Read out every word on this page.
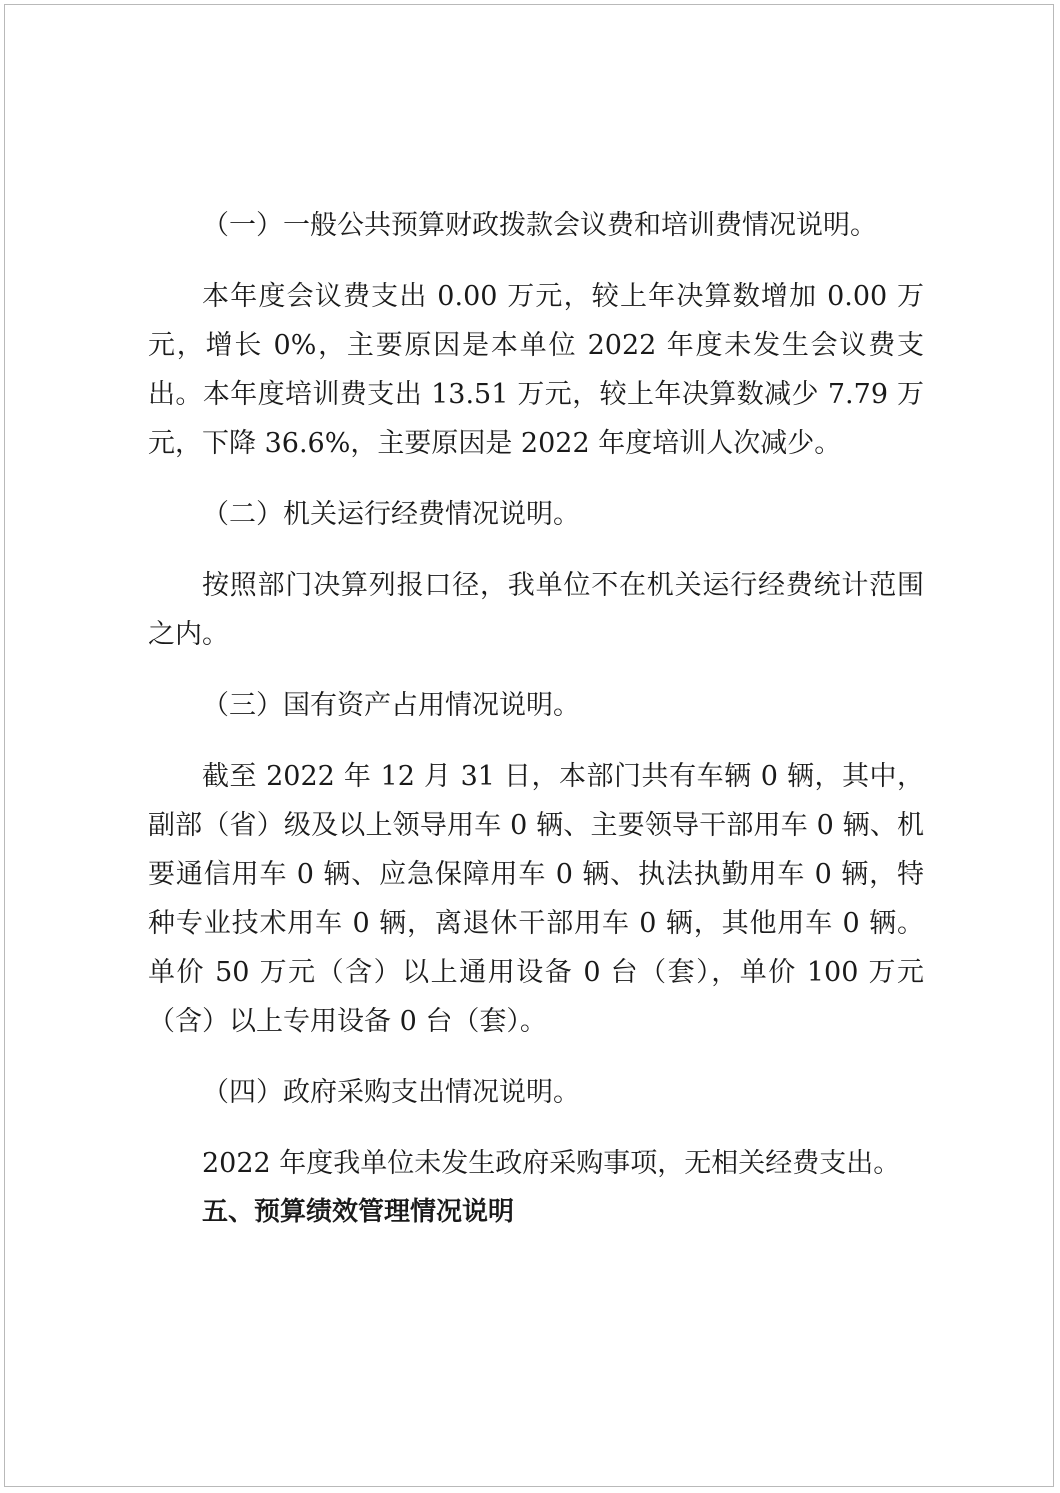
（一）一般公共预算财政拨款会议费和培训费情况说明。

本年度会议费支出 0.00 万元，较上年决算数增加 0.00 万元，增长 0%，主要原因是本单位 2022 年度未发生会议费支出。本年度培训费支出 13.51 万元，较上年决算数减少 7.79 万元，下降 36.6%，主要原因是 2022 年度培训人次减少。

（二）机关运行经费情况说明。

按照部门决算列报口径，我单位不在机关运行经费统计范围之内。

（三）国有资产占用情况说明。

截至 2022 年 12 月 31 日，本部门共有车辆 0 辆，其中，副部（省）级及以上领导用车 0 辆、主要领导干部用车 0 辆、机要通信用车 0 辆、应急保障用车 0 辆、执法执勤用车 0 辆，特种专业技术用车 0 辆，离退休干部用车 0 辆，其他用车 0 辆。单价 50 万元（含）以上通用设备 0 台（套），单价 100 万元（含）以上专用设备 0 台（套）。

（四）政府采购支出情况说明。

2022 年度我单位未发生政府采购事项，无相关经费支出。

五、预算绩效管理情况说明
